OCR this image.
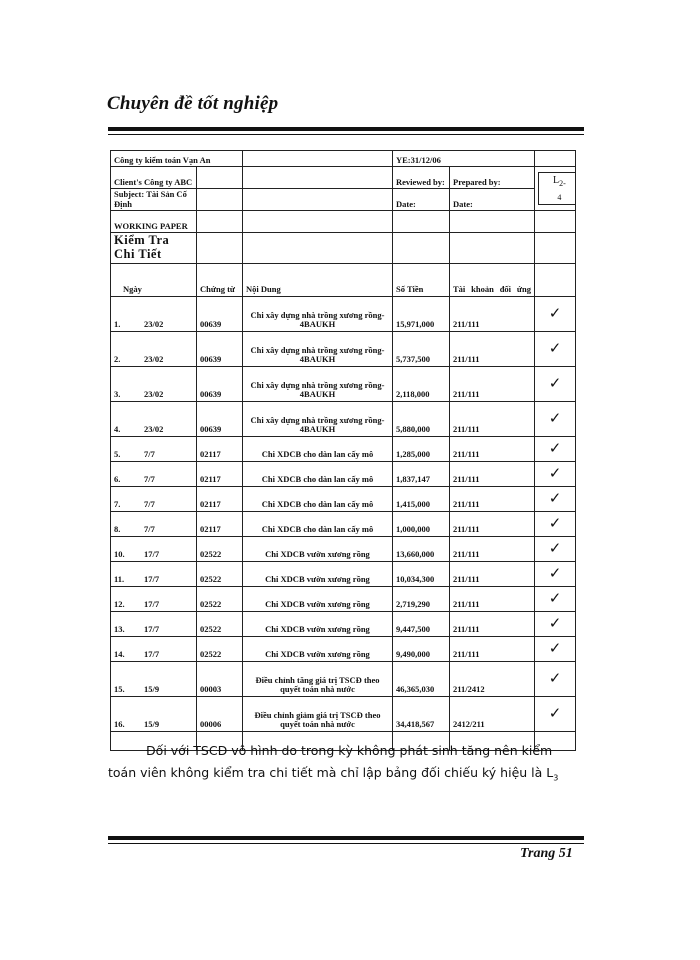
Chuyên đề tốt nghiệp
Công ty kiểm toán Vạn An			YE:31/12/06		
Client's Công ty ABC			Reviewed by:	Prepared by:	$L_{2-4}$
Subject: Tài Sản Cố Định			Date:	Date:	
WORKING PAPER					
Kiểm Tra Chi Tiết					
Ngày	Chứng từ	Nội Dung	Số Tiền	Tài khoản đối ứng	
1. 23/02	00639	Chi xây dựng nhà trồng xương rồng-4BAUKH	15,971,000	211/111	✓
2. 23/02	00639	Chi xây dựng nhà trồng xương rồng-4BAUKH	5,737,500	211/111	✓
3. 23/02	00639	Chi xây dựng nhà trồng xương rồng-4BAUKH	2,118,000	211/111	✓
4. 23/02	00639	Chi xây dựng nhà trồng xương rồng-4BAUKH	5,880,000	211/111	✓
5. 7/7	02117	Chi XDCB cho dàn lan cấy mô	1,285,000	211/111	✓
6. 7/7	02117	Chi XDCB cho dàn lan cấy mô	1,837,147	211/111	✓
7. 7/7	02117	Chi XDCB cho dàn lan cấy mô	1,415,000	211/111	✓
8. 7/7	02117	Chi XDCB cho dàn lan cấy mô	1,000,000	211/111	✓
10. 17/7	02522	Chi XDCB vườn xương rồng	13,660,000	211/111	✓
11. 17/7	02522	Chi XDCB vườn xương rồng	10,034,300	211/111	✓
12. 17/7	02522	Chi XDCB vườn xương rồng	2,719,290	211/111	✓
13. 17/7	02522	Chi XDCB vườn xương rồng	9,447,500	211/111	✓
14. 17/7	02522	Chi XDCB vườn xương rồng	9,490,000	211/111	✓
15. 15/9	00003	Điều chỉnh tăng giá trị TSCĐ theo quyết toán nhà nước	46,365,030	211/2412	✓
16. 15/9	00006	Điều chỉnh giảm giá trị TSCĐ theo quyết toán nhà nước	34,418,567	2412/211	✓

Đối với TSCĐ vô hình do trong kỳ không phát sinh tăng nên kiểm toán viên không kiểm tra chi tiết mà chỉ lập bảng đối chiếu ký hiệu là $L_3$
Trang 51
